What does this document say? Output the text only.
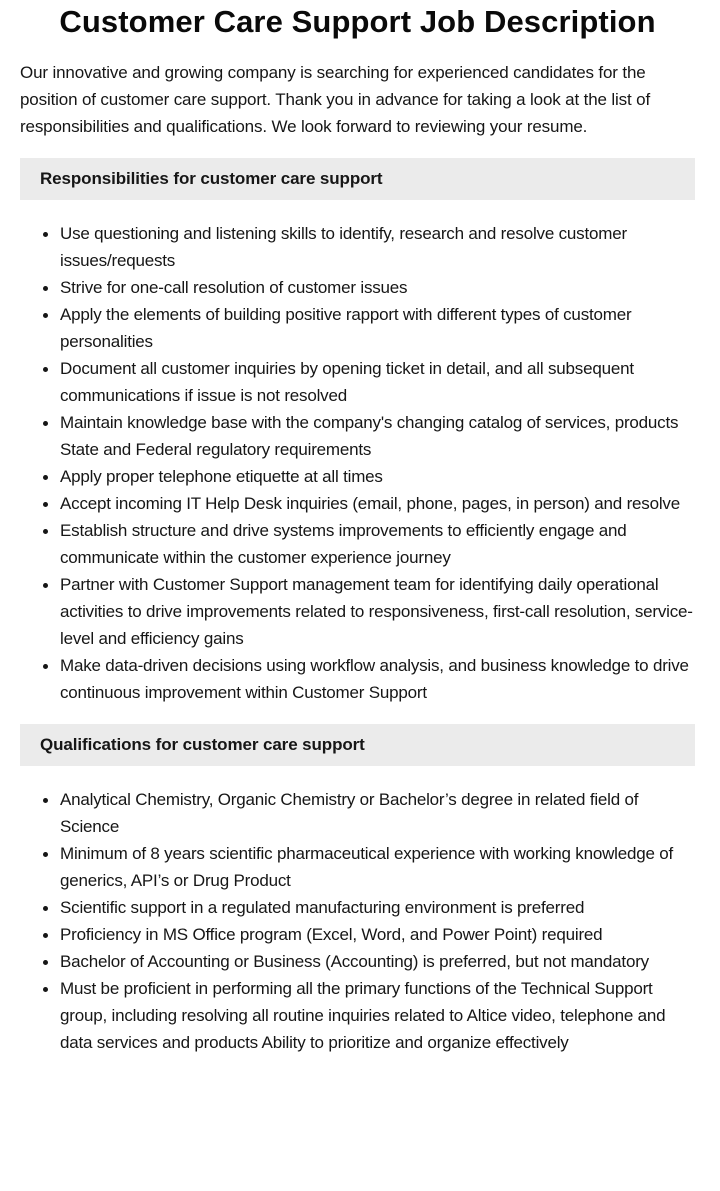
Customer Care Support Job Description

Our innovative and growing company is searching for experienced candidates for the position of customer care support. Thank you in advance for taking a look at the list of responsibilities and qualifications. We look forward to reviewing your resume.

Responsibilities for customer care support
Use questioning and listening skills to identify, research and resolve customer issues/requests
Strive for one-call resolution of customer issues
Apply the elements of building positive rapport with different types of customer personalities
Document all customer inquiries by opening ticket in detail, and all subsequent communications if issue is not resolved
Maintain knowledge base with the company's changing catalog of services, products State and Federal regulatory requirements
Apply proper telephone etiquette at all times
Accept incoming IT Help Desk inquiries (email, phone, pages, in person) and resolve
Establish structure and drive systems improvements to efficiently engage and communicate within the customer experience journey
Partner with Customer Support management team for identifying daily operational activities to drive improvements related to responsiveness, first-call resolution, service-level and efficiency gains
Make data-driven decisions using workflow analysis, and business knowledge to drive continuous improvement within Customer Support
Qualifications for customer care support
Analytical Chemistry, Organic Chemistry or Bachelor’s degree in related field of Science
Minimum of 8 years scientific pharmaceutical experience with working knowledge of generics, API’s or Drug Product
Scientific support in a regulated manufacturing environment is preferred
Proficiency in MS Office program (Excel, Word, and Power Point) required
Bachelor of Accounting or Business (Accounting) is preferred, but not mandatory
Must be proficient in performing all the primary functions of the Technical Support group, including resolving all routine inquiries related to Altice video, telephone and data services and products Ability to prioritize and organize effectively
